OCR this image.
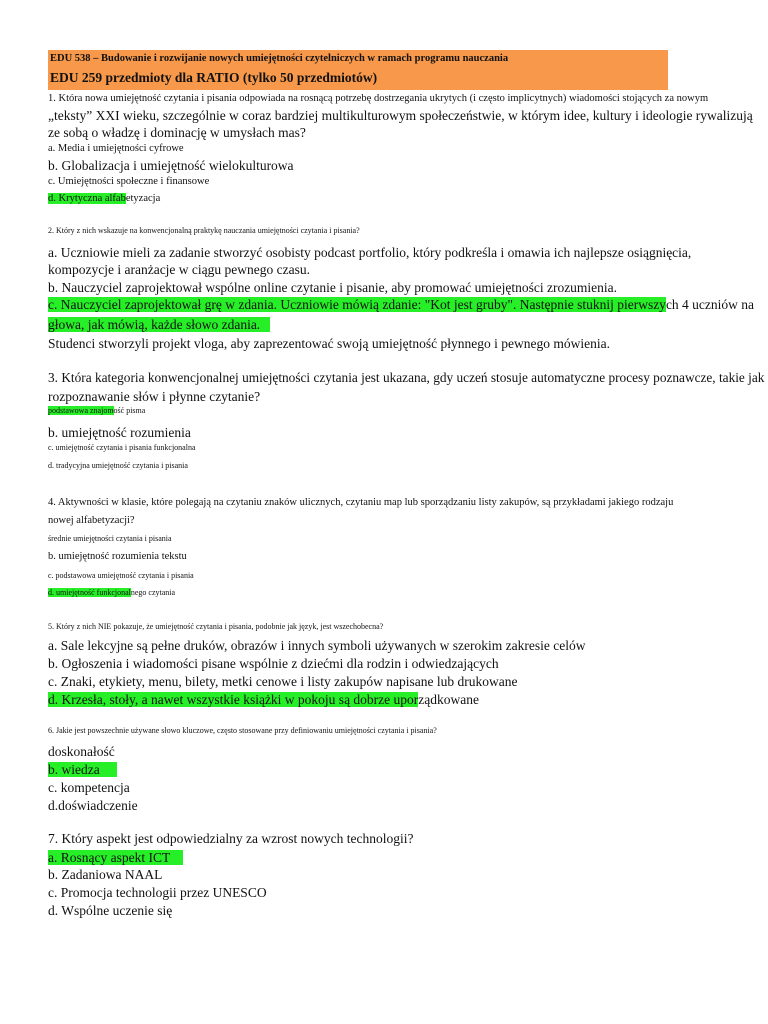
EDU 538 – Budowanie i rozwijanie nowych umiejętności czytelniczych w ramach programu nauczania
EDU 259 przedmioty dla RATIO (tylko 50 przedmiotów)
1. Która nowa umiejętność czytania i pisania odpowiada na rosnącą potrzebę dostrzegania ukrytych (i często implicytnych) wiadomości stojących za nowym
„teksty” XXI wieku, szczególnie w coraz bardziej multikulturowym społeczeństwie, w którym idee, kultury i ideologie rywalizują
ze sobą o władzę i dominację w umysłach mas?
a. Media i umiejętności cyfrowe
b. Globalizacja i umiejętność wielokulturowa
c. Umiejętności społeczne i finansowe
d. Krytyczna alfabetyzacja
2. Który z nich wskazuje na konwencjonalną praktykę nauczania umiejętności czytania i pisania?
a. Uczniowie mieli za zadanie stworzyć osobisty podcast portfolio, który podkreśla i omawia ich najlepsze osiągnięcia,
kompozycje i aranżacje w ciągu pewnego czasu.
b. Nauczyciel zaprojektował wspólne online czytanie i pisanie, aby promować umiejętności zrozumienia.
c. Nauczyciel zaprojektował grę w zdania. Uczniowie mówią zdanie: "Kot jest gruby". Następnie stuknij pierwszych 4 uczniów na
głowa, jak mówią, każde słowo zdania.
Studenci stworzyli projekt vloga, aby zaprezentować swoją umiejętność płynnego i pewnego mówienia.
3. Która kategoria konwencjonalnej umiejętności czytania jest ukazana, gdy uczeń stosuje automatyczne procesy poznawcze, takie jak
rozpoznawanie słów i płynne czytanie?
podstawowa znajomość pisma
b. umiejętność rozumienia
c. umiejętność czytania i pisania funkcjonalna
d. tradycyjna umiejętność czytania i pisania
4. Aktywności w klasie, które polegają na czytaniu znaków ulicznych, czytaniu map lub sporządzaniu listy zakupów, są przykładami jakiego rodzaju
nowej alfabetyzacji?
średnie umiejętności czytania i pisania
b. umiejętność rozumienia tekstu
c. podstawowa umiejętność czytania i pisania
d. umiejętność funkcjonalnego czytania
5. Który z nich NIE pokazuje, że umiejętność czytania i pisania, podobnie jak język, jest wszechobecna?
a. Sale lekcyjne są pełne druków, obrazów i innych symboli używanych w szerokim zakresie celów
b. Ogłoszenia i wiadomości pisane wspólnie z dziećmi dla rodzin i odwiedzających
c. Znaki, etykiety, menu, bilety, metki cenowe i listy zakupów napisane lub drukowane
d. Krzesła, stoły, a nawet wszystkie książki w pokoju są dobrze uporządkowane
6. Jakie jest powszechnie używane słowo kluczowe, często stosowane przy definiowaniu umiejętności czytania i pisania?
doskonałość
b. wiedza
c. kompetencja
d.doświadczenie
7. Który aspekt jest odpowiedzialny za wzrost nowych technologii?
a. Rosnący aspekt ICT
b. Zadaniowa NAAL
c. Promocja technologii przez UNESCO
d. Wspólne uczenie się
